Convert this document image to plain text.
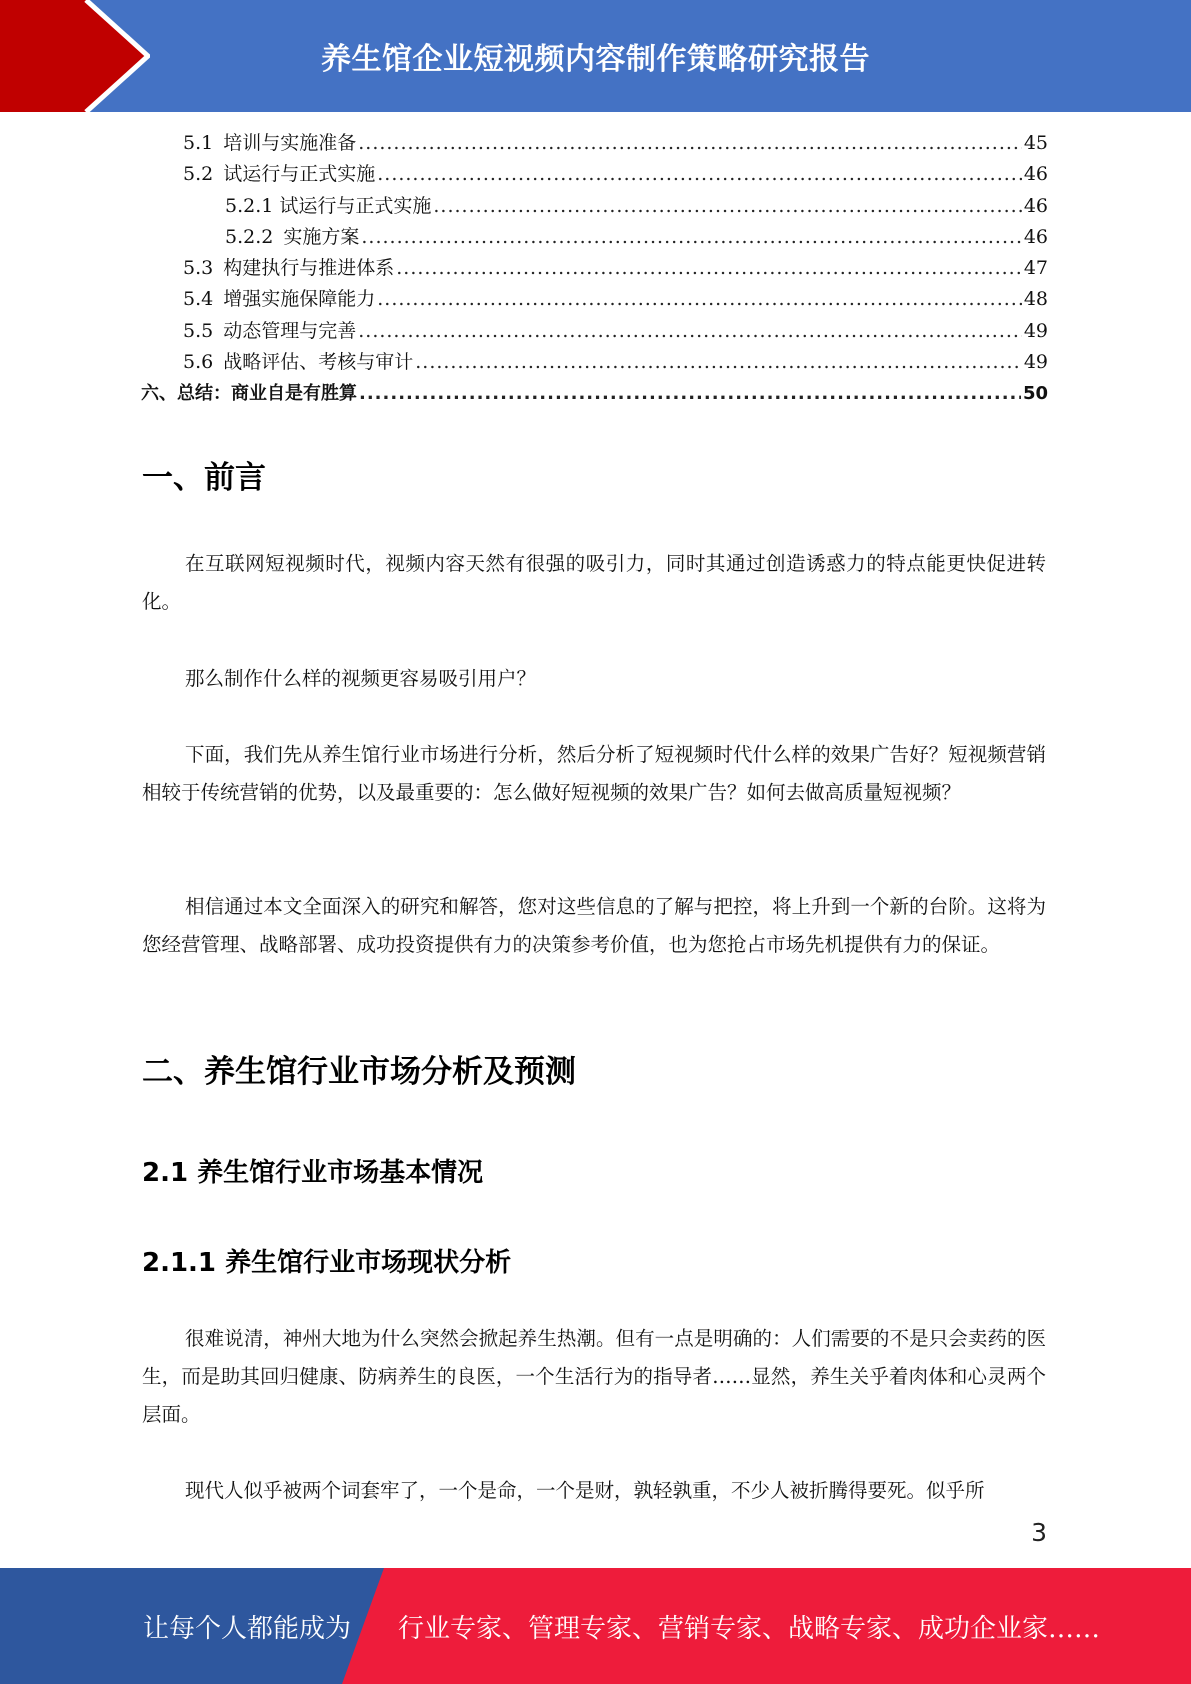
养生馆企业短视频内容制作策略研究报告
5.1 培训与实施准备 .....	45
5.2 试运行与正式实施 .....	46
5.2.1 试运行与正式实施 .....	46
5.2.2 实施方案 .....	46
5.3 构建执行与推进体系 .....	47
5.4 增强实施保障能力 .....	48
5.5 动态管理与完善 .....	49
5.6 战略评估、考核与审计 .....	49
六、 总结：商业自是有胜算 .....	50
一、前言

在互联网短视频时代，视频内容天然有很强的吸引力，同时其通过创造诱惑力的特点能更快促进转化。

那么制作什么样的视频更容易吸引用户？

下面，我们先从养生馆行业市场进行分析，然后分析了短视频时代什么样的效果广告好？短视频营销相较于传统营销的优势，以及最重要的：怎么做好短视频的效果广告？如何去做高质量短视频？

相信通过本文全面深入的研究和解答，您对这些信息的了解与把控，将上升到一个新的台阶。这将为您经营管理、战略部署、成功投资提供有力的决策参考价值，也为您抢占市场先机提供有力的保证。

二、养生馆行业市场分析及预测
2.1 养生馆行业市场基本情况
2.1.1 养生馆行业市场现状分析

很难说清，神州大地为什么突然会掀起养生热潮。但有一点是明确的：人们需要的不是只会卖药的医生，而是助其回归健康、防病养生的良医，一个生活行为的指导者……显然，养生关乎着肉体和心灵两个层面。

现代人似乎被两个词套牢了，一个是命，一个是财，孰轻孰重，不少人被折腾得要死。似乎所

3
让每个人都能成为 行业专家、管理专家、营销专家、战略专家、成功企业家……
